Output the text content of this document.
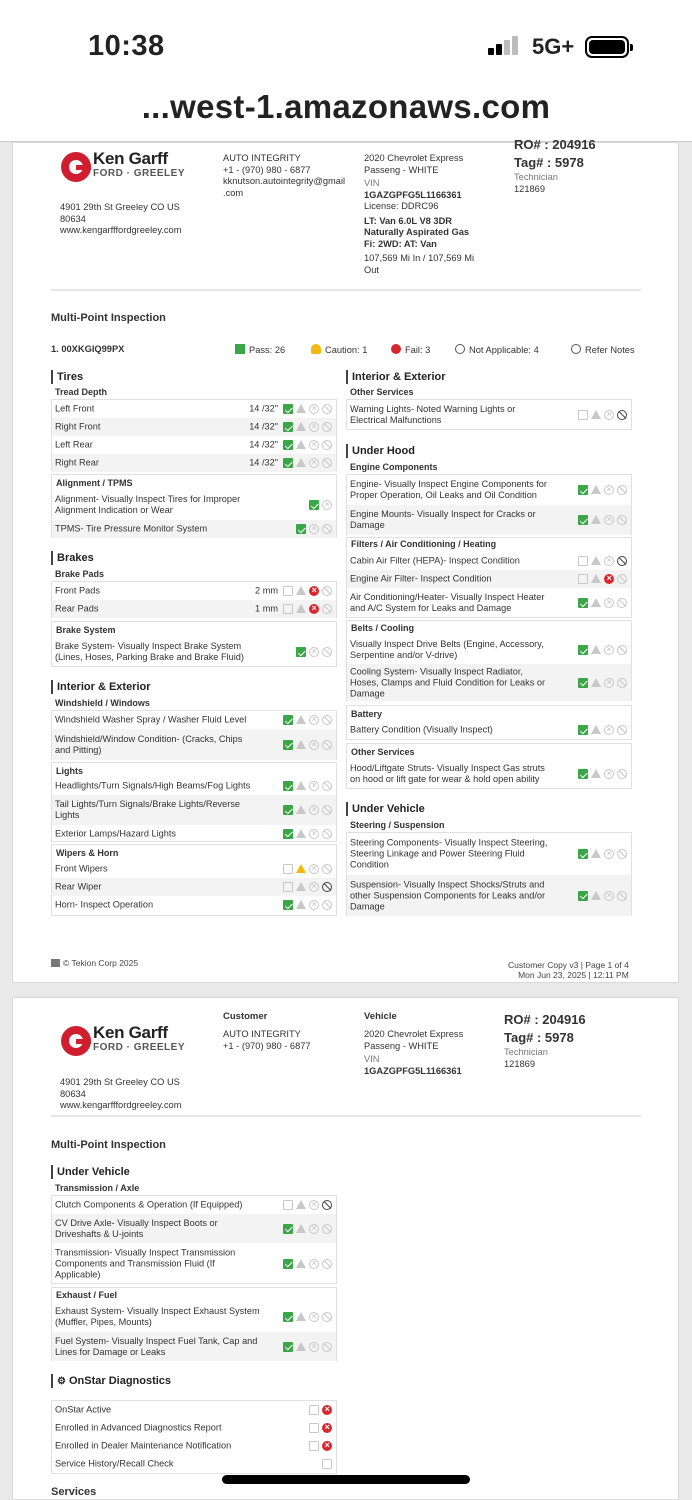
10:38	5G+
...west-1.amazonaws.com
Ken Garff
FORD · GREELEY
4901 29th St Greeley CO US
80634
www.kengarfffordgreeley.com
AUTO INTEGRITY
+1 - (970) 980 - 6877
kknutson.autointegrity@gmail
.com
2020 Chevrolet Express
Passeng - WHITE
VIN
1GAZGPFG5L1166361
License: DDRC96
LT: Van 6.0L V8 3DR
Naturally Aspirated Gas
Fi: 2WD: AT: Van
107,569 Mi In / 107,569 Mi
Out
RO# : 204916
Tag# : 5978
Technician
121869
Multi-Point Inspection
1. 00XKGIQ99PX	Pass: 26	Caution: 1	Fail: 3	Not Applicable: 4	Refer Notes
Tires
Tread Depth
Left Front	14 /32"
Right Front	14 /32"
Left Rear	14 /32"
Right Rear	14 /32"
Alignment / TPMS
Alignment- Visually Inspect Tires for Improper
Alignment Indication or Wear
TPMS- Tire Pressure Monitor System
Brakes
Brake Pads
Front Pads	2 mm
Rear Pads	1 mm
Brake System
Brake System- Visually Inspect Brake System
(Lines, Hoses, Parking Brake and Brake Fluid)
Interior & Exterior
Windshield / Windows
Windshield Washer Spray / Washer Fluid Level
Windshield/Window Condition- (Cracks, Chips
and Pitting)
Lights
Headlights/Turn Signals/High Beams/Fog Lights
Tail Lights/Turn Signals/Brake Lights/Reverse
Lights
Exterior Lamps/Hazard Lights
Wipers & Horn
Front Wipers
Rear Wiper
Horn- Inspect Operation
Interior & Exterior
Other Services
Warning Lights- Noted Warning Lights or
Electrical Malfunctions
Under Hood
Engine Components
Engine- Visually Inspect Engine Components for
Proper Operation, Oil Leaks and Oil Condition
Engine Mounts- Visually Inspect for Cracks or
Damage
Filters / Air Conditioning / Heating
Cabin Air Filter (HEPA)- Inspect Condition
Engine Air Filter- Inspect Condition
Air Conditioning/Heater- Visually Inspect Heater
and A/C System for Leaks and Damage
Belts / Cooling
Visually Inspect Drive Belts (Engine, Accessory,
Serpentine and/or V-drive)
Cooling System- Visually Inspect Radiator,
Hoses, Clamps and Fluid Condition for Leaks or
Damage
Battery
Battery Condition (Visually Inspect)
Other Services
Hood/Liftgate Struts- Visually Inspect Gas struts
on hood or lift gate for wear & hold open ability
Under Vehicle
Steering / Suspension
Steering Components- Visually Inspect Steering,
Steering Linkage and Power Steering Fluid
Condition
Suspension- Visually Inspect Shocks/Struts and
other Suspension Components for Leaks and/or
Damage
© Tekion Corp 2025	Customer Copy v3 | Page 1 of 4
Mon Jun 23, 2025 | 12:11 PM
Customer	Vehicle
Ken Garff
FORD · GREELEY
4901 29th St Greeley CO US
80634
www.kengarfffordgreeley.com
AUTO INTEGRITY
+1 - (970) 980 - 6877
2020 Chevrolet Express
Passeng - WHITE
VIN
1GAZGPFG5L1166361
RO# : 204916
Tag# : 5978
Technician
121869
Multi-Point Inspection
Under Vehicle
Transmission / Axle
Clutch Components & Operation (If Equipped)
CV Drive Axle- Visually Inspect Boots or
Driveshafts & U-joints
Transmission- Visually Inspect Transmission
Components and Transmission Fluid (If
Applicable)
Exhaust / Fuel
Exhaust System- Visually Inspect Exhaust System
(Muffler, Pipes, Mounts)
Fuel System- Visually Inspect Fuel Tank, Cap and
Lines for Damage or Leaks
⚙ OnStar Diagnostics
OnStar Active
Enrolled in Advanced Diagnostics Report
Enrolled in Dealer Maintenance Notification
Service History/Recall Check
Services
